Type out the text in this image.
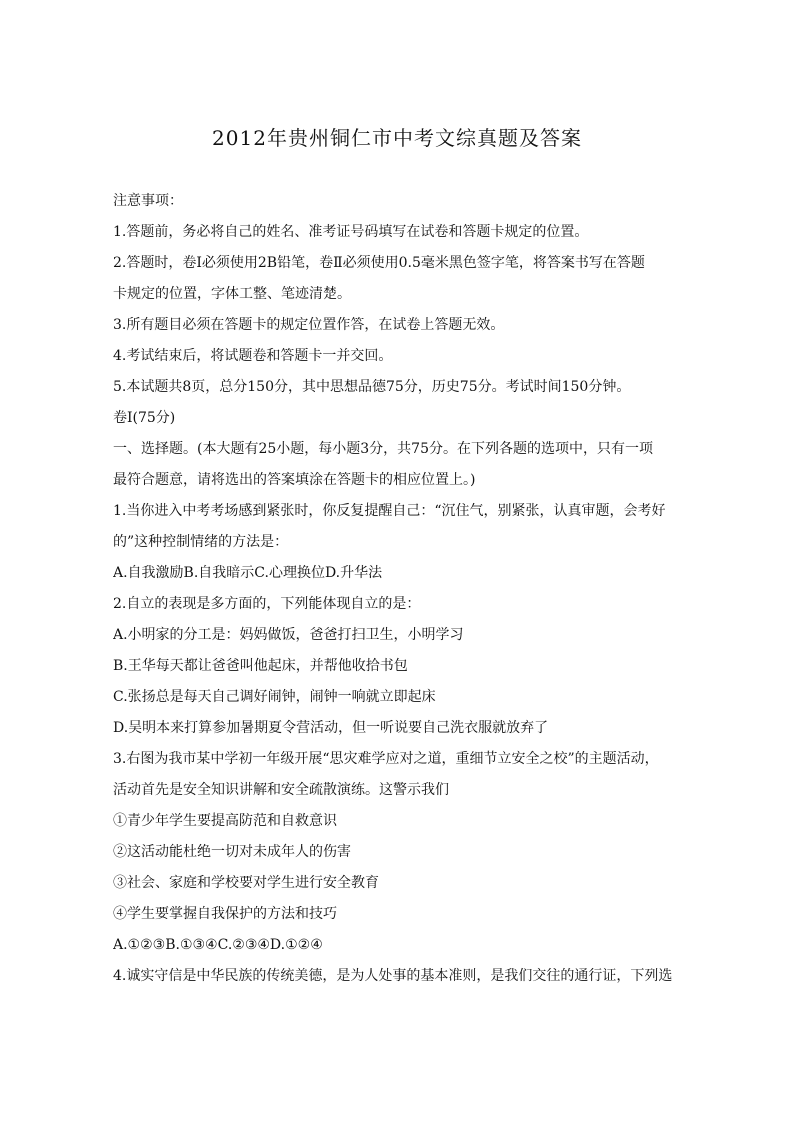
2012年贵州铜仁市中考文综真题及答案
注意事项：
1.答题前，务必将自己的姓名、准考证号码填写在试卷和答题卡规定的位置。
2.答题时，卷Ⅰ必须使用2B铅笔，卷Ⅱ必须使用0.5毫米黑色签字笔，将答案书写在答题
卡规定的位置，字体工整、笔迹清楚。
3.所有题目必须在答题卡的规定位置作答，在试卷上答题无效。
4.考试结束后，将试题卷和答题卡一并交回。
5.本试题共8页，总分150分，其中思想品德75分，历史75分。考试时间150分钟。
卷Ⅰ(75分)
一、选择题。(本大题有25小题，每小题3分，共75分。在下列各题的选项中，只有一项
最符合题意，请将选出的答案填涂在答题卡的相应位置上。)
1.当你进入中考考场感到紧张时，你反复提醒自己：“沉住气，别紧张，认真审题，会考好
的”这种控制情绪的方法是：
A.自我激励B.自我暗示C.心理换位D.升华法
2.自立的表现是多方面的，下列能体现自立的是：
A.小明家的分工是：妈妈做饭，爸爸打扫卫生，小明学习
B.王华每天都让爸爸叫他起床，并帮他收拾书包
C.张扬总是每天自己调好闹钟，闹钟一响就立即起床
D.吴明本来打算参加暑期夏令营活动，但一听说要自己洗衣服就放弃了
3.右图为我市某中学初一年级开展“思灾难学应对之道，重细节立安全之校”的主题活动，
活动首先是安全知识讲解和安全疏散演练。这警示我们
①青少年学生要提高防范和自救意识
②这活动能杜绝一切对未成年人的伤害
③社会、家庭和学校要对学生进行安全教育
④学生要掌握自我保护的方法和技巧
A.①②③B.①③④C.②③④D.①②④
4.诚实守信是中华民族的传统美德，是为人处事的基本准则，是我们交往的通行证，下列选
